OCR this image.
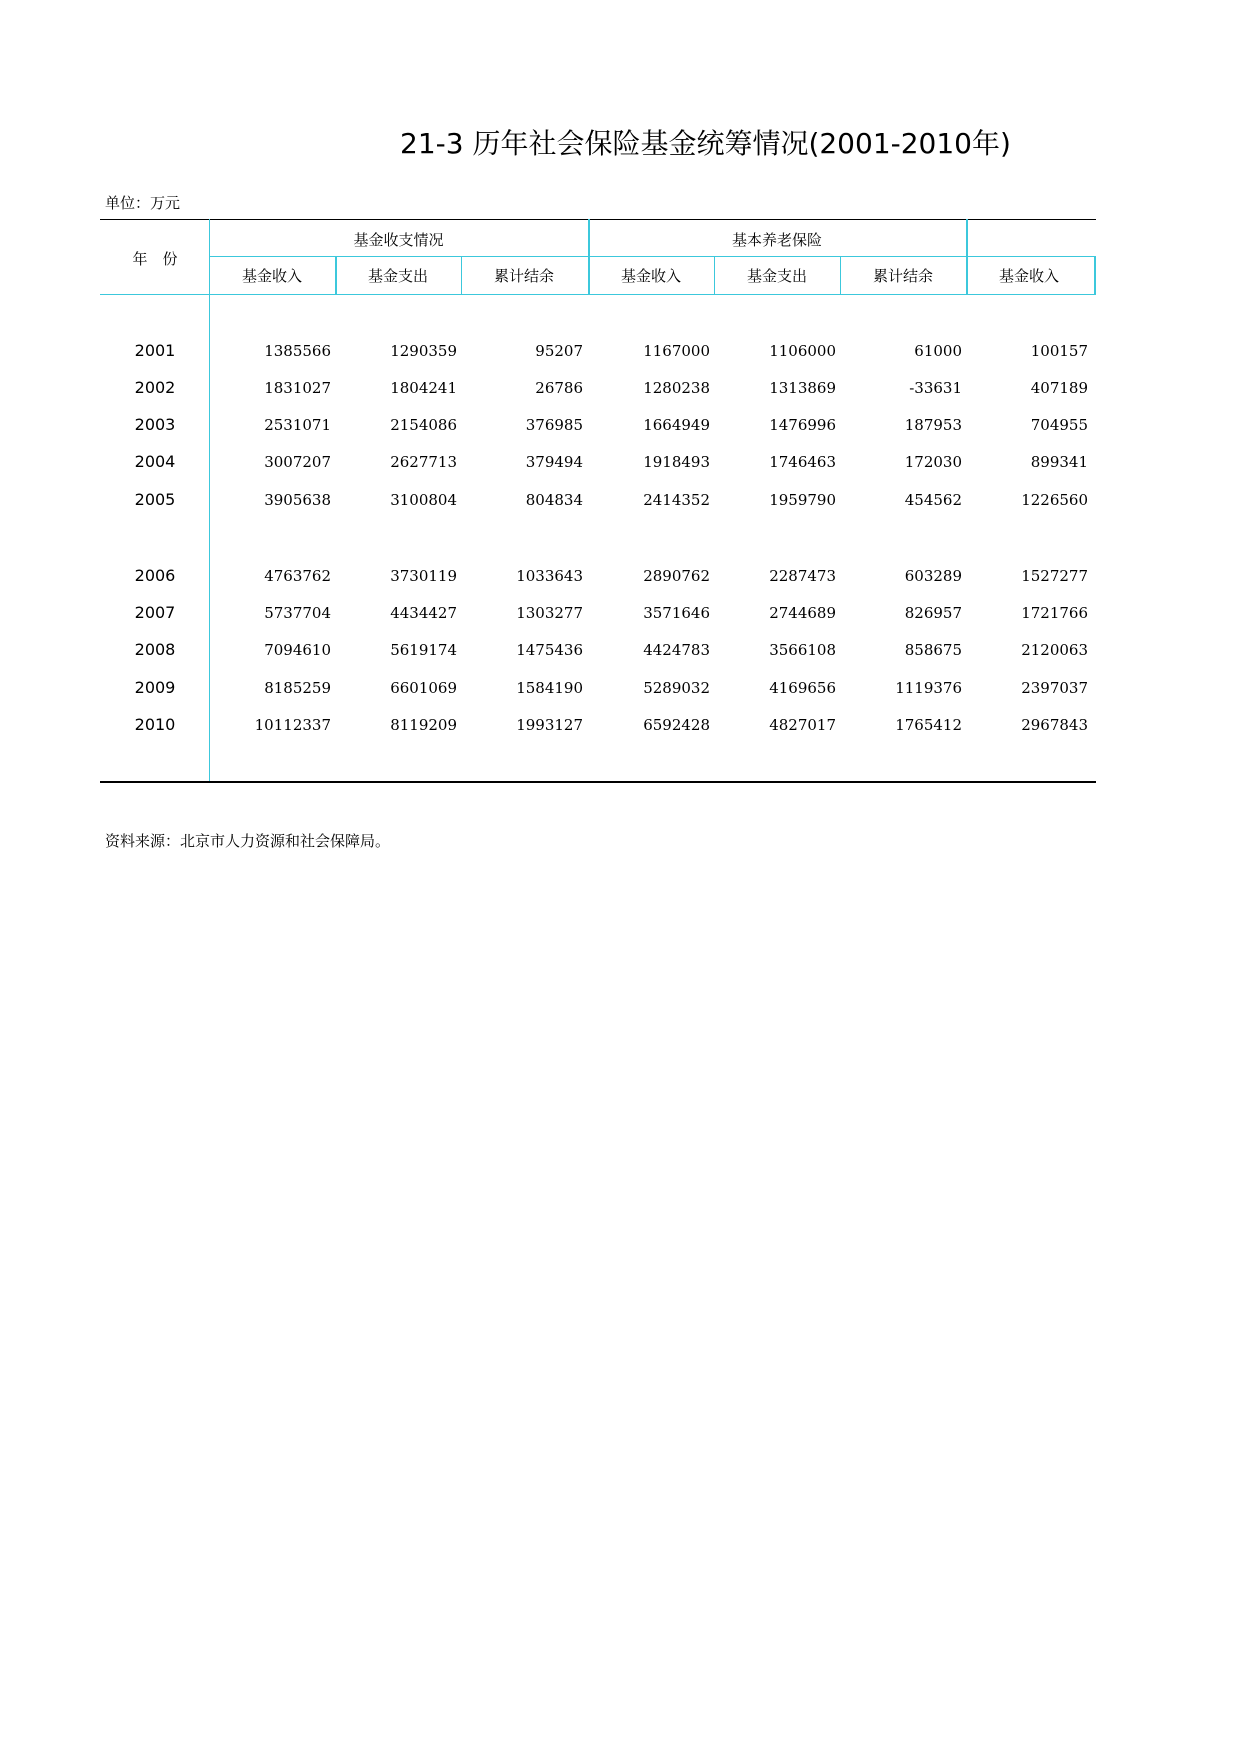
21-3 历年社会保险基金统筹情况(2001-2010年)
单位：万元
年　份
基金收支情况	基本养老保险
基金收入	基金支出	累计结余	基金收入	基金支出	累计结余	基金收入
2001	1385566	1290359	95207	1167000	1106000	61000	100157
2002	1831027	1804241	26786	1280238	1313869	-33631	407189
2003	2531071	2154086	376985	1664949	1476996	187953	704955
2004	3007207	2627713	379494	1918493	1746463	172030	899341
2005	3905638	3100804	804834	2414352	1959790	454562	1226560
2006	4763762	3730119	1033643	2890762	2287473	603289	1527277
2007	5737704	4434427	1303277	3571646	2744689	826957	1721766
2008	7094610	5619174	1475436	4424783	3566108	858675	2120063
2009	8185259	6601069	1584190	5289032	4169656	1119376	2397037
2010	10112337	8119209	1993127	6592428	4827017	1765412	2967843
资料来源：北京市人力资源和社会保障局。
